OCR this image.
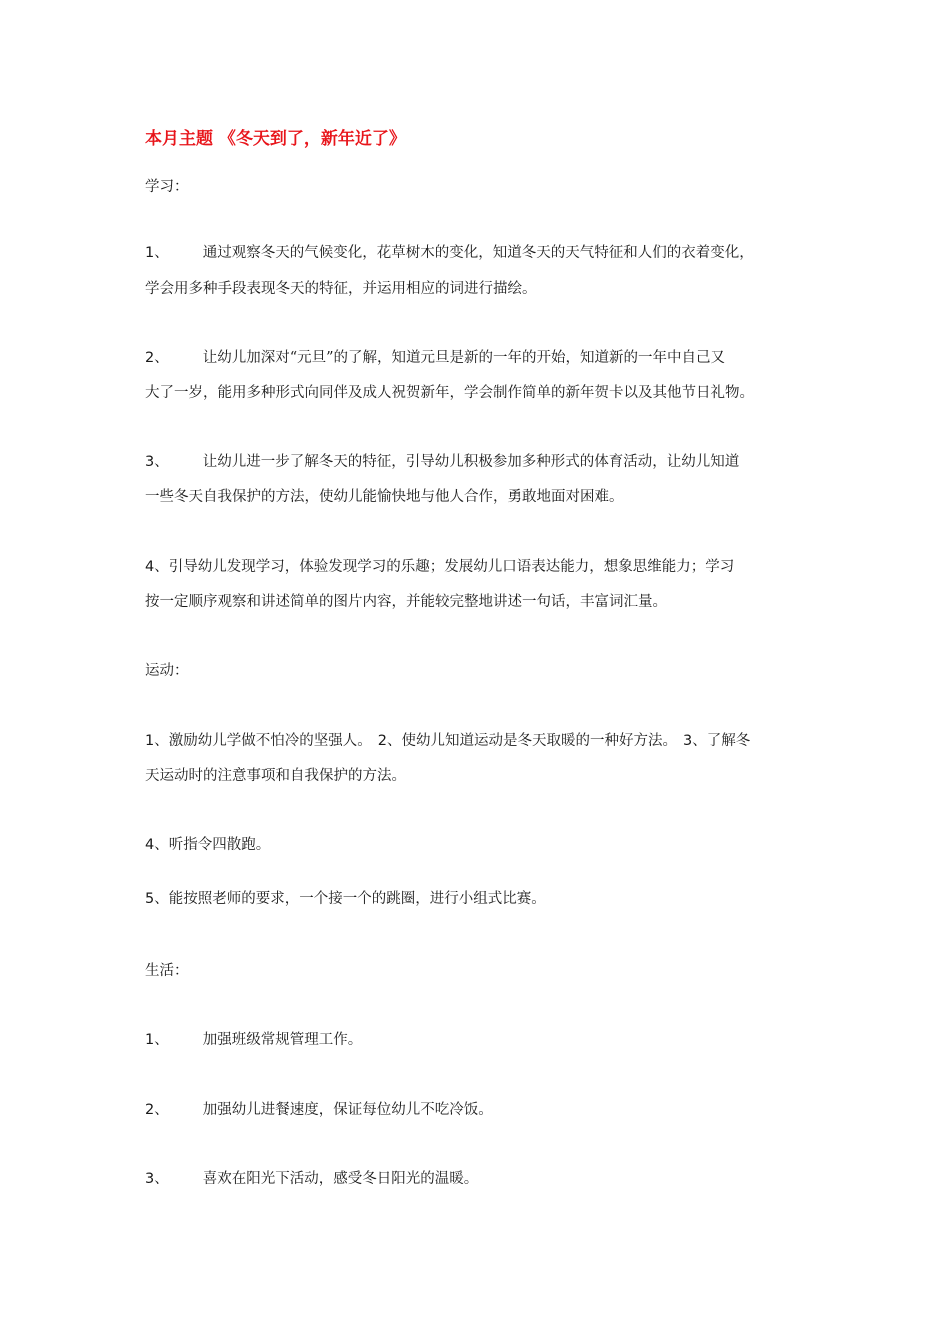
本月主题 《冬天到了，新年近了》
学习：
1、 通过观察冬天的气候变化，花草树木的变化，知道冬天的天气特征和人们的衣着变化，
学会用多种手段表现冬天的特征，并运用相应的词进行描绘。
2、 让幼儿加深对“元旦”的了解，知道元旦是新的一年的开始，知道新的一年中自己又
大了一岁，能用多种形式向同伴及成人祝贺新年，学会制作简单的新年贺卡以及其他节日礼物。
3、 让幼儿进一步了解冬天的特征，引导幼儿积极参加多种形式的体育活动，让幼儿知道
一些冬天自我保护的方法，使幼儿能愉快地与他人合作，勇敢地面对困难。
4、引导幼儿发现学习，体验发现学习的乐趣；发展幼儿口语表达能力，想象思维能力；学习
按一定顺序观察和讲述简单的图片内容，并能较完整地讲述一句话，丰富词汇量。
运动：
1、激励幼儿学做不怕冷的坚强人。 2、使幼儿知道运动是冬天取暖的一种好方法。 3、了解冬
天运动时的注意事项和自我保护的方法。
4、听指令四散跑。
5、能按照老师的要求，一个接一个的跳圈，进行小组式比赛。
生活：
1、 加强班级常规管理工作。
2、 加强幼儿进餐速度，保证每位幼儿不吃冷饭。
3、 喜欢在阳光下活动，感受冬日阳光的温暖。
